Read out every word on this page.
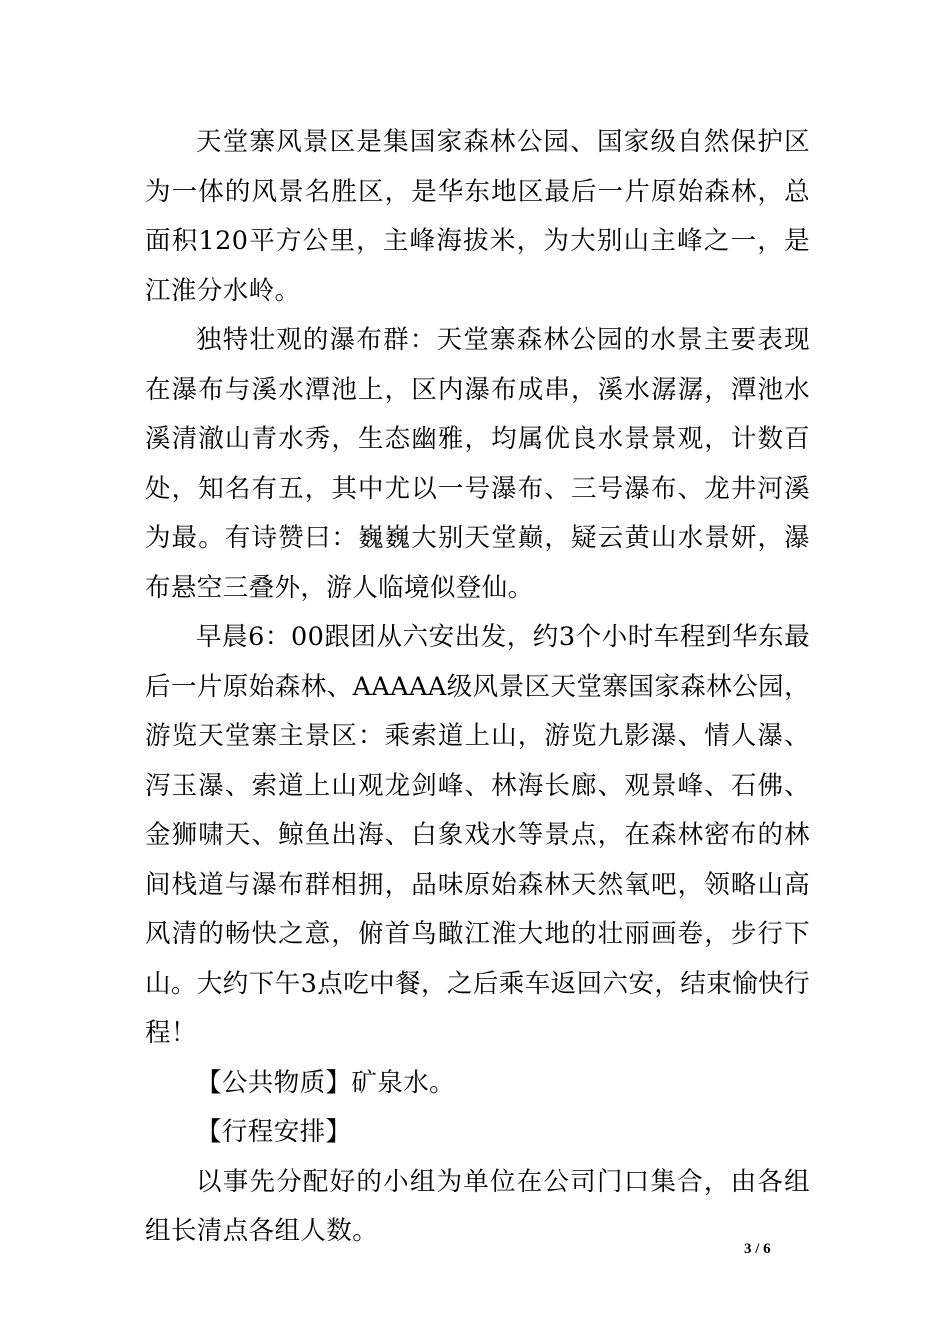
天堂寨风景区是集国家森林公园、国家级自然保护区为一体的风景名胜区，是华东地区最后一片原始森林，总面积120平方公里，主峰海拔米，为大别山主峰之一，是江淮分水岭。

独特壮观的瀑布群：天堂寨森林公园的水景主要表现在瀑布与溪水潭池上，区内瀑布成串，溪水潺潺，潭池水溪清澈山青水秀，生态幽雅，均属优良水景景观，计数百处，知名有五，其中尤以一号瀑布、三号瀑布、龙井河溪为最。有诗赞曰：巍巍大别天堂巅，疑云黄山水景妍，瀑布悬空三叠外，游人临境似登仙。

早晨6：00跟团从六安出发，约3个小时车程到华东最后一片原始森林、AAAAA级风景区天堂寨国家森林公园，游览天堂寨主景区：乘索道上山，游览九影瀑、情人瀑、泻玉瀑、索道上山观龙剑峰、林海长廊、观景峰、石佛、金狮啸天、鲸鱼出海、白象戏水等景点，在森林密布的林间栈道与瀑布群相拥，品味原始森林天然氧吧，领略山高风清的畅快之意，俯首鸟瞰江淮大地的壮丽画卷，步行下山。大约下午3点吃中餐，之后乘车返回六安，结束愉快行程！

【公共物质】矿泉水。

【行程安排】

以事先分配好的小组为单位在公司门口集合，由各组组长清点各组人数。

3 / 6
